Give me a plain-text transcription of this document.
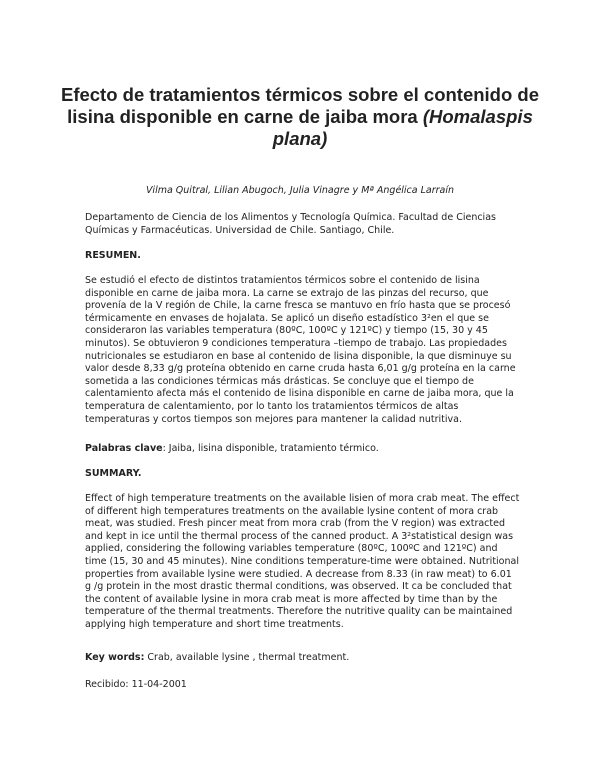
Efecto de tratamientos térmicos sobre el contenido de lisina disponible en carne de jaiba mora (Homalaspis plana)
Vilma Quitral, Lilian Abugoch, Julia Vinagre y Mª Angélica Larraín

Departamento de Ciencia de los Alimentos y Tecnología Química. Facultad de Ciencias Químicas y Farmacéuticas. Universidad de Chile. Santiago, Chile.

RESUMEN.

Se estudió el efecto de distintos tratamientos térmicos sobre el contenido de lisina disponible en carne de jaiba mora. La carne se extrajo de las pinzas del recurso, que provenía de la V región de Chile, la carne fresca se mantuvo en frío hasta que se procesó térmicamente en envases de hojalata. Se aplicó un diseño estadístico 3²en el que se consideraron las variables temperatura (80ºC, 100ºC y 121ºC) y tiempo (15, 30 y 45 minutos). Se obtuvieron 9 condiciones temperatura –tiempo de trabajo. Las propiedades nutricionales se estudiaron en base al contenido de lisina disponible, la que disminuye su valor desde 8,33 g/g proteína obtenido en carne cruda hasta 6,01 g/g proteína en la carne sometida a las condiciones térmicas más drásticas. Se concluye que el tiempo de calentamiento afecta más el contenido de lisina disponible en carne de jaiba mora, que la temperatura de calentamiento, por lo tanto los tratamientos térmicos de altas temperaturas y cortos tiempos son mejores para mantener la calidad nutritiva.

Palabras clave: Jaiba, lisina disponible, tratamiento térmico.

SUMMARY.

Effect of high temperature treatments on the available lisien of mora crab meat. The effect of different high temperatures treatments on the available lysine content of mora crab meat, was studied. Fresh pincer meat from mora crab (from the V region) was extracted and kept in ice until the thermal process of the canned product. A 3²statistical design was applied, considering the following variables temperature (80ºC, 100ºC and 121ºC) and time (15, 30 and 45 minutes). Nine conditions temperature-time were obtained. Nutritional properties from available lysine were studied. A decrease from 8.33 (in raw meat) to 6.01 g /g protein in the most drastic thermal conditions, was observed. It ca be concluded that the content of available lysine in mora crab meat is more affected by time than by the temperature of the thermal treatments. Therefore the nutritive quality can be maintained applying high temperature and short time treatments.

Key words: Crab, available lysine , thermal treatment.

Recibido: 11-04-2001
